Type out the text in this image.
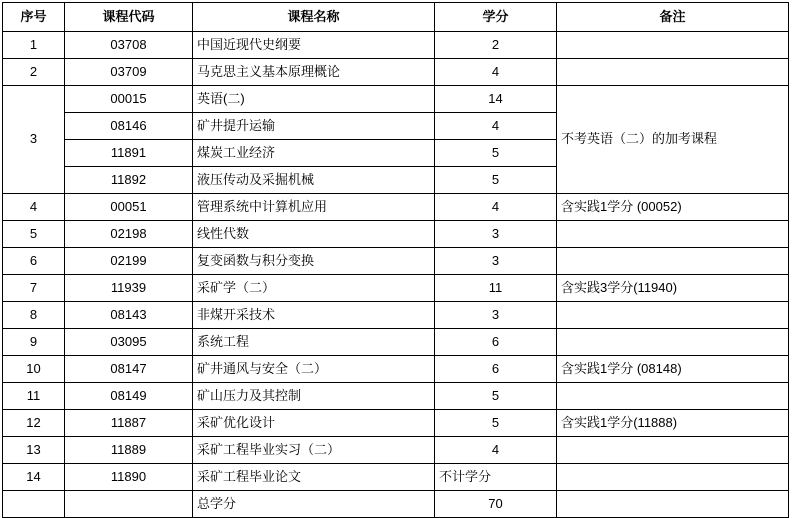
序号	课程代码	课程名称	学分	备注
1	03708	中国近现代史纲要	2	
2	03709	马克思主义基本原理概论	4	
3	00015	英语(二)	14	不考英语（二）的加考课程
	08146	矿井提升运输	4	
	11891	煤炭工业经济	5	
	11892	液压传动及采掘机械	5	
4	00051	管理系统中计算机应用	4	含实践1学分 (00052)
5	02198	线性代数	3	
6	02199	复变函数与积分变换	3	
7	11939	采矿学（二）	11	含实践3学分(11940)
8	08143	非煤开采技术	3	
9	03095	系统工程	6	
10	08147	矿井通风与安全（二）	6	含实践1学分 (08148)
11	08149	矿山压力及其控制	5	
12	11887	采矿优化设计	5	含实践1学分(11888)
13	11889	采矿工程毕业实习（二）	4	
14	11890	采矿工程毕业论文	不计学分	
		总学分	70	
